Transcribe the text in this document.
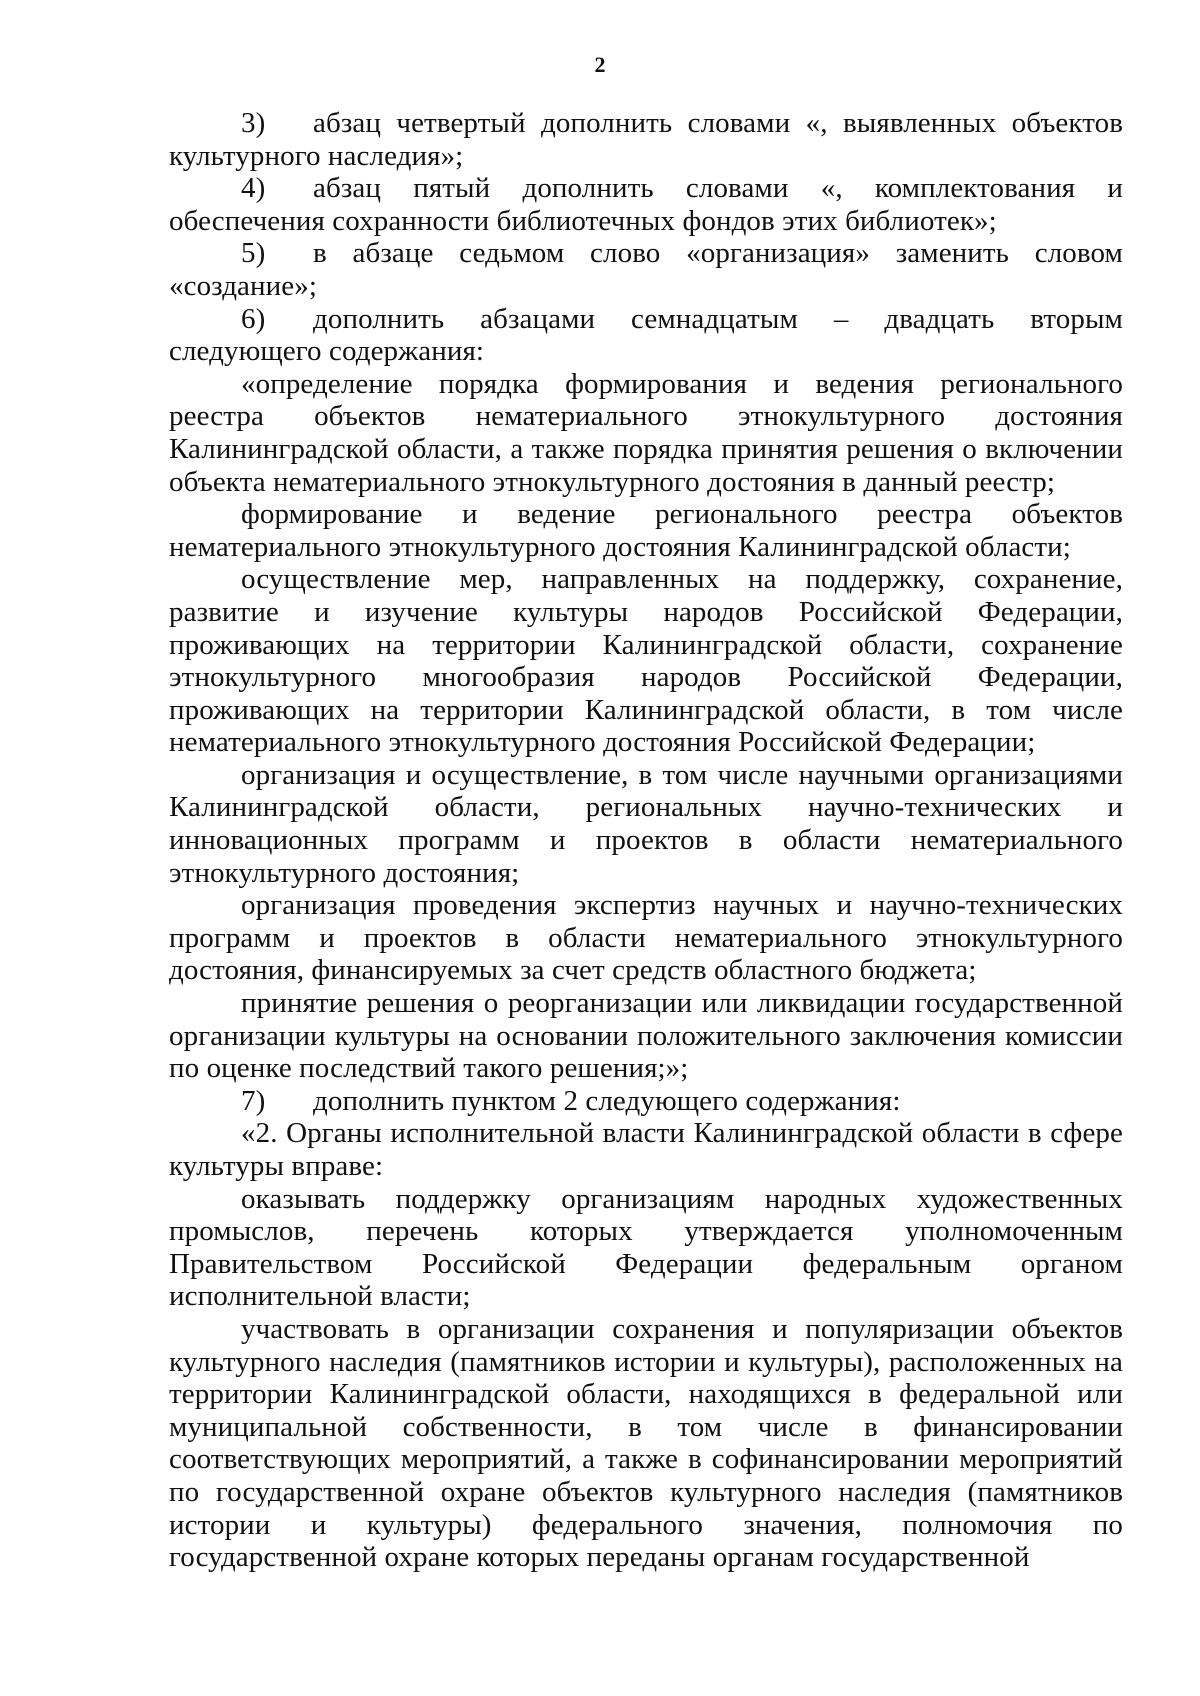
2

3) абзац четвертый дополнить словами «, выявленных объектов культурного наследия»;

4) абзац пятый дополнить словами «, комплектования и обеспечения сохранности библиотечных фондов этих библиотек»;

5) в абзаце седьмом слово «организация» заменить словом «создание»;

6) дополнить абзацами семнадцатым – двадцать вторым следующего содержания:

«определение порядка формирования и ведения регионального реестра объектов нематериального этнокультурного достояния Калининградской области, а также порядка принятия решения о включении объекта нематериального этнокультурного достояния в данный реестр;

формирование и ведение регионального реестра объектов нематериального этнокультурного достояния Калининградской области;

осуществление мер, направленных на поддержку, сохранение, развитие и изучение культуры народов Российской Федерации, проживающих на территории Калининградской области, сохранение этнокультурного многообразия народов Российской Федерации, проживающих на территории Калининградской области, в том числе нематериального этнокультурного достояния Российской Федерации;

организация и осуществление, в том числе научными организациями Калининградской области, региональных научно-технических и инновационных программ и проектов в области нематериального этнокультурного достояния;

организация проведения экспертиз научных и научно-технических программ и проектов в области нематериального этнокультурного достояния, финансируемых за счет средств областного бюджета;

принятие решения о реорганизации или ликвидации государственной организации культуры на основании положительного заключения комиссии по оценке последствий такого решения;»;

7) дополнить пунктом 2 следующего содержания:

«2. Органы исполнительной власти Калининградской области в сфере культуры вправе:

оказывать поддержку организациям народных художественных промыслов, перечень которых утверждается уполномоченным Правительством Российской Федерации федеральным органом исполнительной власти;

участвовать в организации сохранения и популяризации объектов культурного наследия (памятников истории и культуры), расположенных на территории Калининградской области, находящихся в федеральной или муниципальной собственности, в том числе в финансировании соответствующих мероприятий, а также в софинансировании мероприятий по государственной охране объектов культурного наследия (памятников истории и культуры) федерального значения, полномочия по государственной охране которых переданы органам государственной
